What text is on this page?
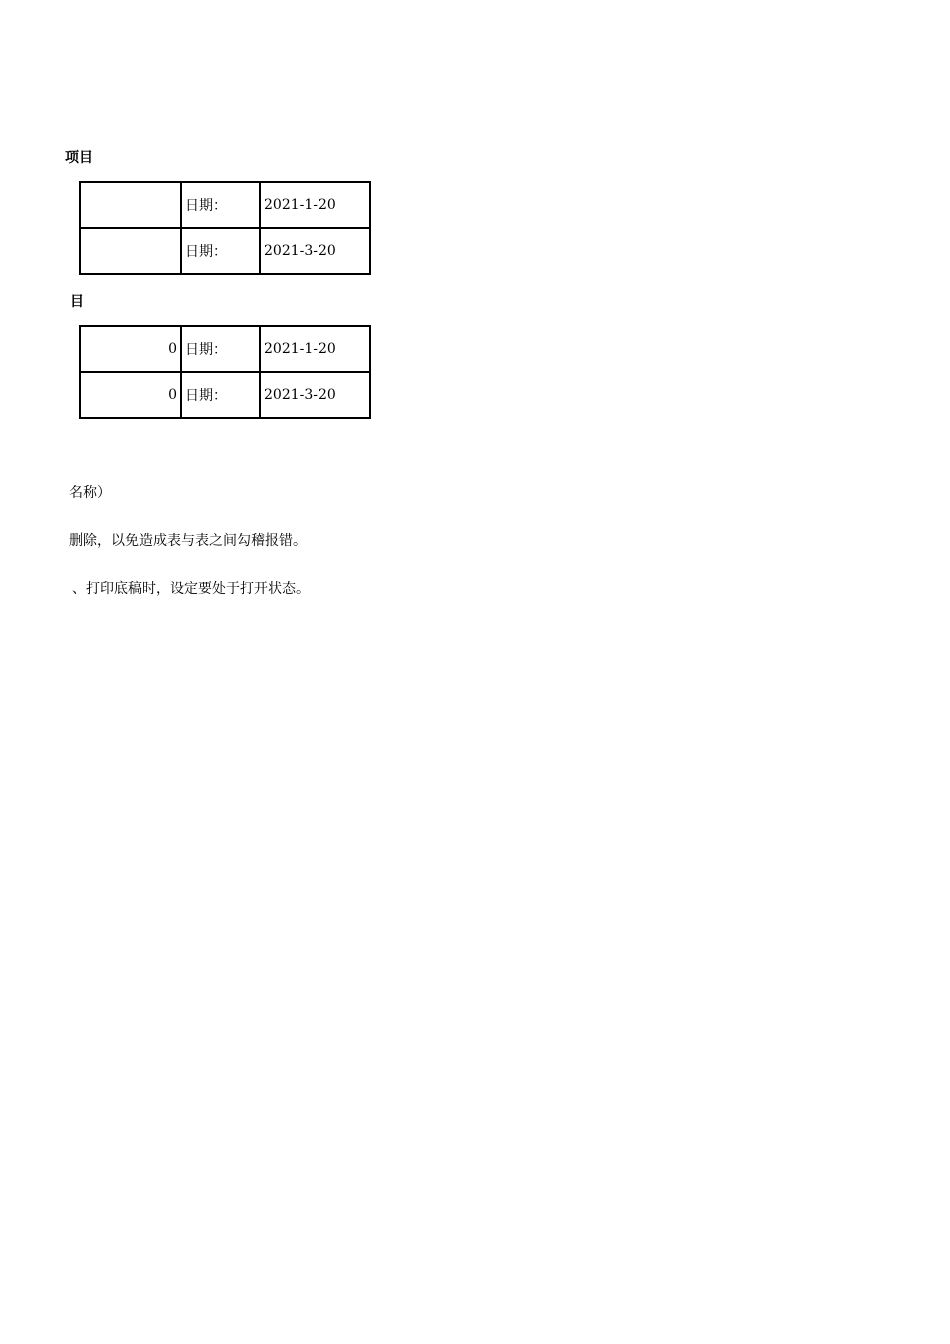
项目
	日期：	2021-1-20
	日期：	2021-3-20
目
0	日期：	2021-1-20
0	日期：	2021-3-20
名称）
删除，以免造成表与表之间勾稽报错。
、打印底稿时，设定要处于打开状态。
